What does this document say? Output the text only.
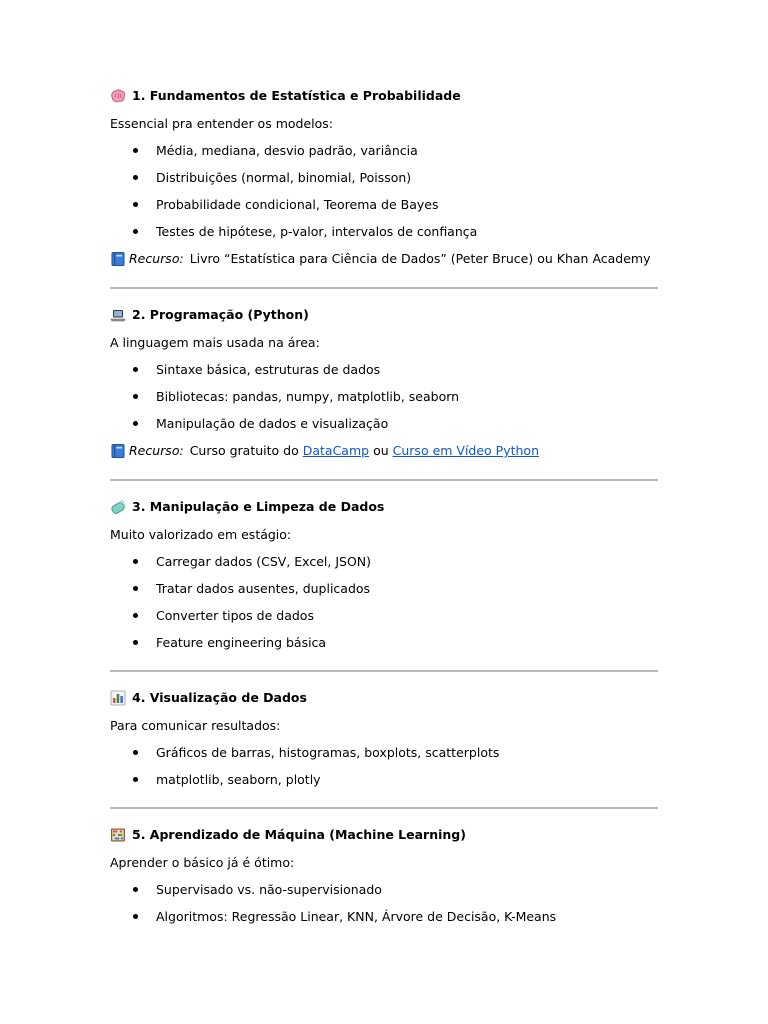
1. Fundamentos de Estatística e Probabilidade
Essencial pra entender os modelos:
Média, mediana, desvio padrão, variância
Distribuições (normal, binomial, Poisson)
Probabilidade condicional, Teorema de Bayes
Testes de hipótese, p-valor, intervalos de confiança
Recurso: Livro “Estatística para Ciência de Dados” (Peter Bruce) ou Khan Academy
2. Programação (Python)
A linguagem mais usada na área:
Sintaxe básica, estruturas de dados
Bibliotecas: pandas, numpy, matplotlib, seaborn
Manipulação de dados e visualização
Recurso: Curso gratuito do
DataCamp
ou
Curso em Vídeo Python
3. Manipulação e Limpeza de Dados
Muito valorizado em estágio:
Carregar dados (CSV, Excel, JSON)
Tratar dados ausentes, duplicados
Converter tipos de dados
Feature engineering básica
4. Visualização de Dados
Para comunicar resultados:
Gráficos de barras, histogramas, boxplots, scatterplots
matplotlib, seaborn, plotly
5. Aprendizado de Máquina (Machine Learning)
Aprender o básico já é ótimo:
Supervisado vs. não-supervisionado
Algoritmos: Regressão Linear, KNN, Árvore de Decisão, K-Means
